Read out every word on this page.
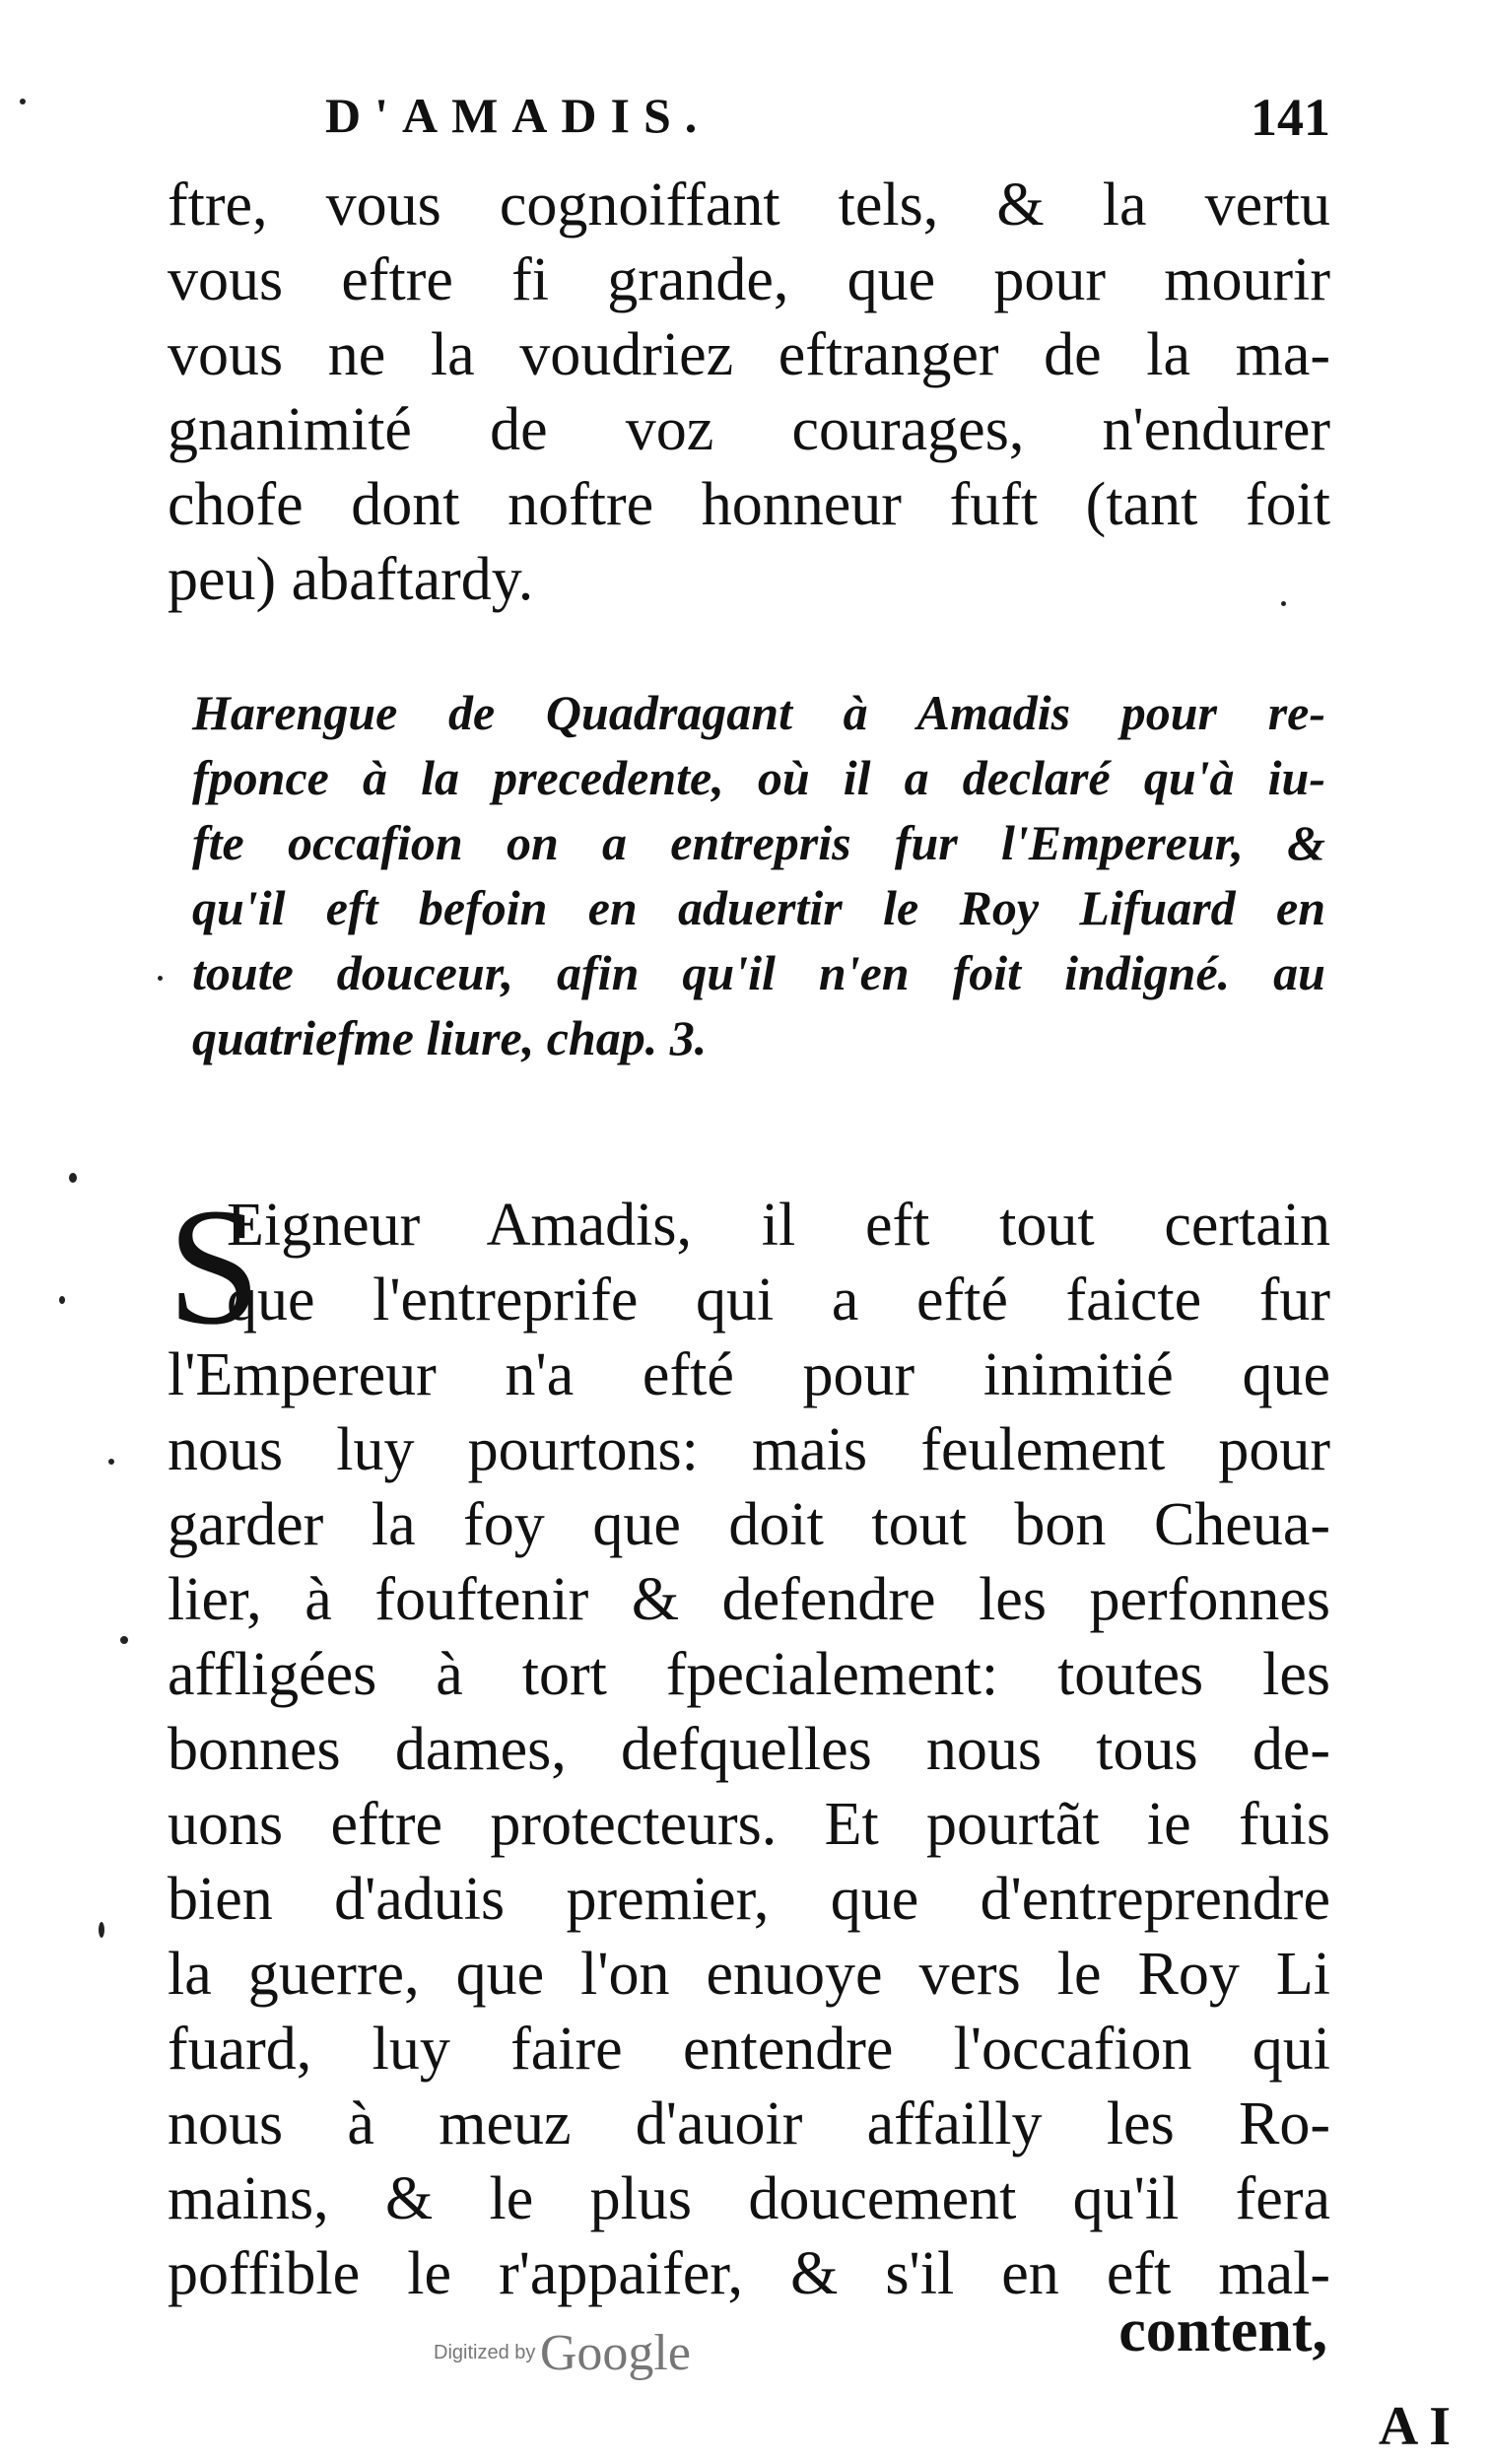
D'AMADIS.	141
ftre, vous cognoiffant tels, & la vertu
vous eftre fi grande, que pour mourir
vous ne la voudriez eftranger de la ma-
gnanimité de voz courages, n'endurer
chofe dont noftre honneur fuft (tant foit
peu) abaftardy.
Harengue de Quadragant à Amadis pour re-
fponce à la precedente, où il a declaré qu'à iu-
fte occafion on a entrepris fur l'Empereur, &
qu'il eft befoin en aduertir le Roy Lifuard en
toute douceur, afin qu'il n'en foit indigné. au
quatriefme liure, chap. 3.
S
Eigneur Amadis, il eft tout certain
que l'entreprife qui a efté faicte fur
l'Empereur n'a efté pour inimitié que
nous luy pourtons: mais feulement pour
garder la foy que doit tout bon Cheua-
lier, à fouftenir & defendre les perfonnes
affligées à tort fpecialement: toutes les
bonnes dames, defquelles nous tous de-
uons eftre protecteurs. Et pourtãt ie fuis
bien d'aduis premier, que d'entreprendre
la guerre, que l'on enuoye vers le Roy Li
fuard, luy faire entendre l'occafion qui
nous à meuz d'auoir affailly les Ro-
mains, & le plus doucement qu'il fera
poffible le r'appaifer, & s'il en eft mal-
content,
Digitized by Google
A I
